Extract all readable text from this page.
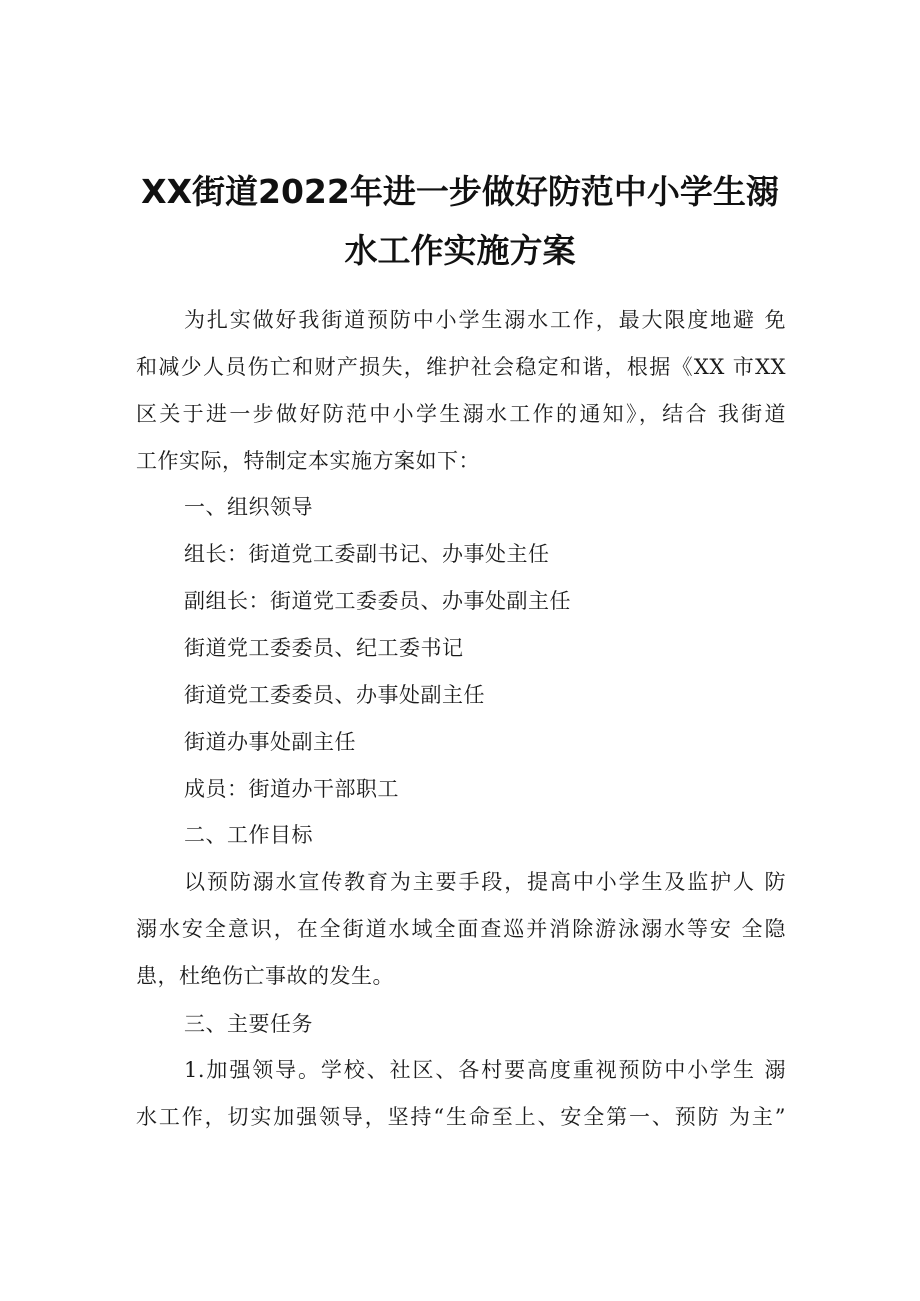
XX街道2022年进一步做好防范中小学生溺
水工作实施方案
为扎实做好我街道预防中小学生溺水工作，最大限度地避 免
和减少人员伤亡和财产损失，维护社会稳定和谐，根据《XX 市XX
区关于进一步做好防范中小学生溺水工作的通知》，结合 我街道
工作实际，特制定本实施方案如下：
一、组织领导
组长：街道党工委副书记、办事处主任
副组长：街道党工委委员、办事处副主任
街道党工委委员、纪工委书记
街道党工委委员、办事处副主任
街道办事处副主任
成员：街道办干部职工
二、工作目标
以预防溺水宣传教育为主要手段，提高中小学生及监护人 防
溺水安全意识，在全街道水域全面查巡并消除游泳溺水等安 全隐
患，杜绝伤亡事故的发生。
三、主要任务
1.加强领导。学校、社区、各村要高度重视预防中小学生 溺
水工作，切实加强领导，坚持“生命至上、安全第一、预防 为主”
